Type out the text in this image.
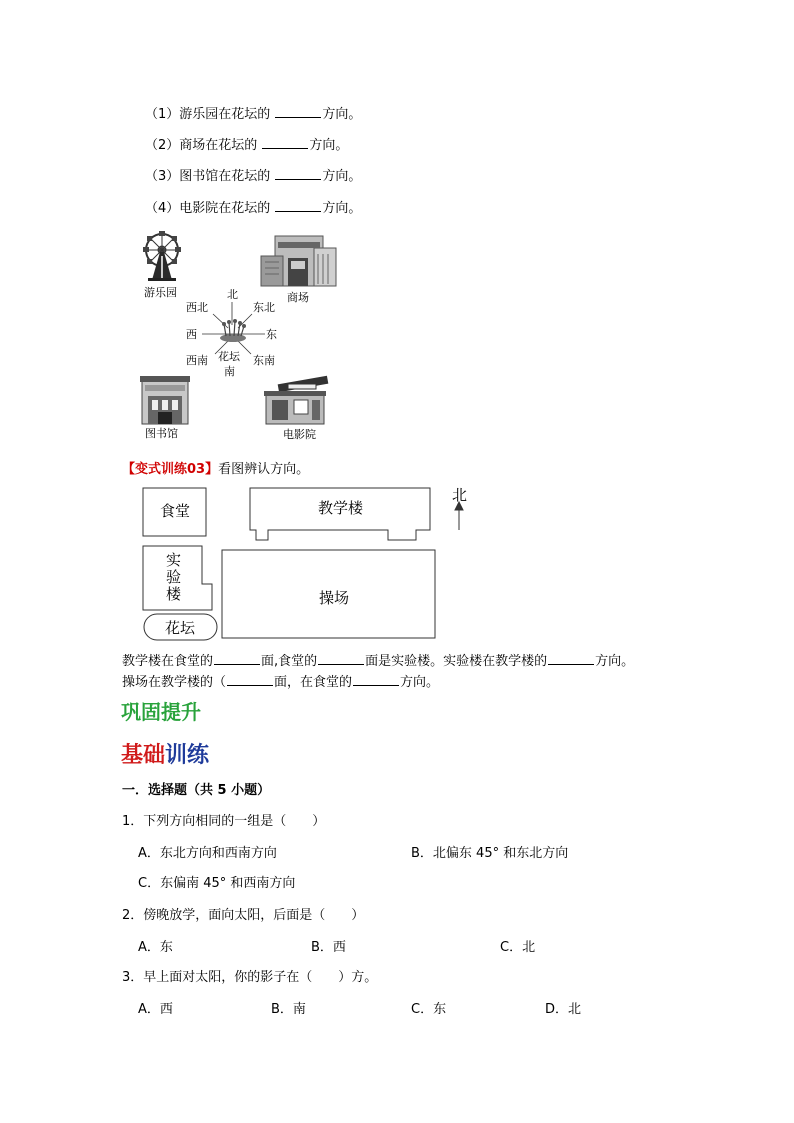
（1）游乐园在花坛的	方向。
（2）商场在花坛的	方向。
（3）图书馆在花坛的	方向。
（4）电影院在花坛的	方向。
游乐园	商场
北
东北
西北
西	东
西南	东南
花坛
南
图书馆	电影院
【变式训练03】看图辨认方向。
食堂	教学楼
实
验
楼	操场
花坛
北
教学楼在食堂的	面,食堂的	面是实验楼。实验楼在教学楼的	方向。
操场在教学楼的（	面，在食堂的	方向。
巩固提升
基础训练
一．选择题（共 5 小题）
1．下列方向相同的一组是（　　）
A．东北方向和西南方向	B．北偏东 45° 和东北方向
C．东偏南 45° 和西南方向
2．傍晚放学，面向太阳，后面是（　　）
A．东	B．西	C．北
3．早上面对太阳，你的影子在（　　）方。
A．西	B．南	C．东	D．北
